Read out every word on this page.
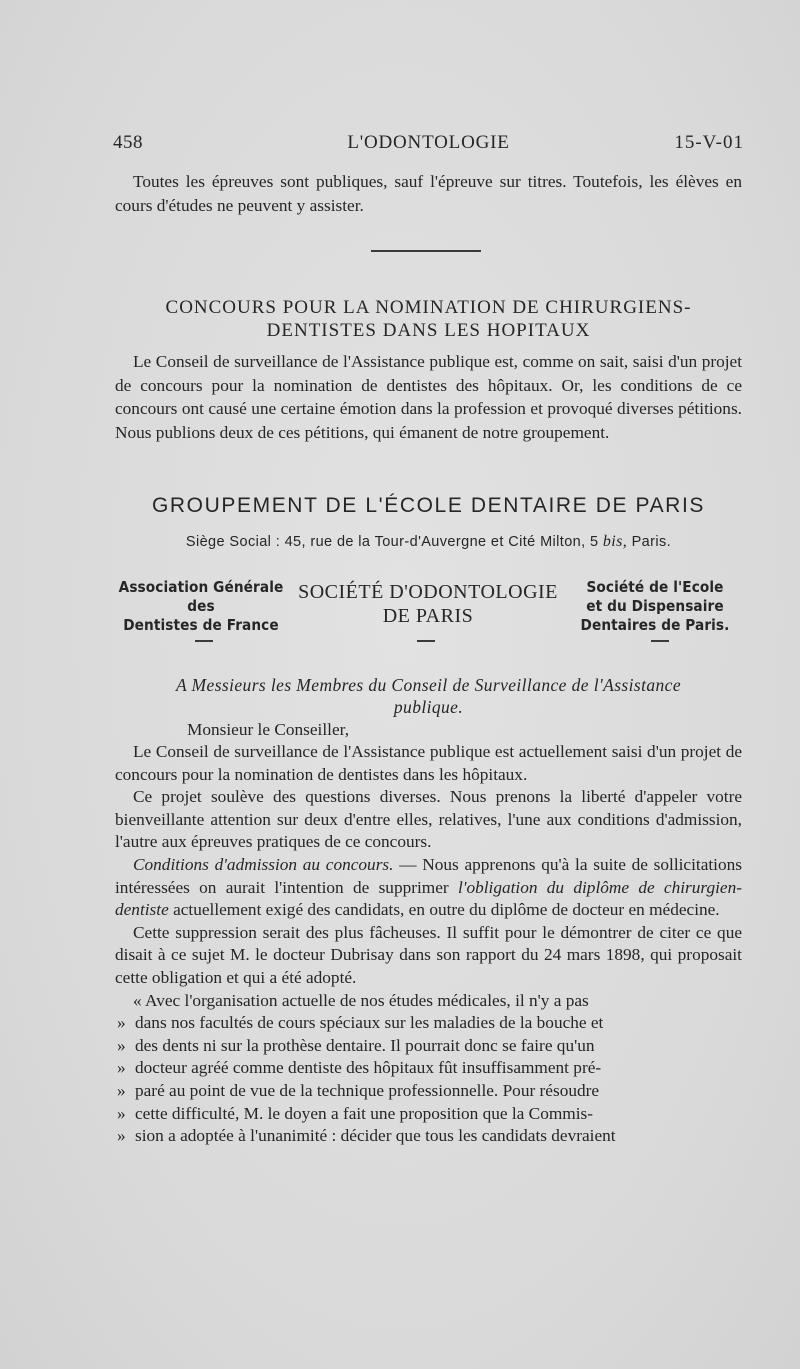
458	L'ODONTOLOGIE	15-V-01

Toutes les épreuves sont publiques, sauf l'épreuve sur titres. Toutefois, les élèves en cours d'études ne peuvent y assister.

CONCOURS POUR LA NOMINATION DE CHIRURGIENS-
DENTISTES DANS LES HOPITAUX

Le Conseil de surveillance de l'Assistance publique est, comme on sait, saisi d'un projet de concours pour la nomination de dentistes des hôpitaux. Or, les conditions de ce concours ont causé une certaine émotion dans la profession et provoqué diverses pétitions. Nous publions deux de ces pétitions, qui émanent de notre groupement.

GROUPEMENT DE L'ÉCOLE DENTAIRE DE PARIS
Siège Social : 45, rue de la Tour-d'Auvergne et Cité Milton, 5 bis, Paris.
Association Générale
des
Dentistes de France
SOCIÉTÉ D'ODONTOLOGIE
DE PARIS
Société de l'Ecole
et du Dispensaire
Dentaires de Paris.
A Messieurs les Membres du Conseil de Surveillance de l'Assistance
publique.
Monsieur le Conseiller,

Le Conseil de surveillance de l'Assistance publique est actuellement saisi d'un projet de concours pour la nomination de dentistes dans les hôpitaux.

Ce projet soulève des questions diverses. Nous prenons la liberté d'appeler votre bienveillante attention sur deux d'entre elles, relatives, l'une aux conditions d'admission, l'autre aux épreuves pratiques de ce concours.

Conditions d'admission au concours. — Nous apprenons qu'à la suite de sollicitations intéressées on aurait l'intention de supprimer l'obligation du diplôme de chirurgien-dentiste actuellement exigé des candidats, en outre du diplôme de docteur en médecine.

Cette suppression serait des plus fâcheuses. Il suffit pour le démontrer de citer ce que disait à ce sujet M. le docteur Dubrisay dans son rapport du 24 mars 1898, qui proposait cette obligation et qui a été adopté.

« Avec l'organisation actuelle de nos études médicales, il n'y a pas

» dans nos facultés de cours spéciaux sur les maladies de la bouche et

» des dents ni sur la prothèse dentaire. Il pourrait donc se faire qu'un

» docteur agréé comme dentiste des hôpitaux fût insuffisamment pré-

» paré au point de vue de la technique professionnelle. Pour résoudre

» cette difficulté, M. le doyen a fait une proposition que la Commis-

» sion a adoptée à l'unanimité : décider que tous les candidats devraient
